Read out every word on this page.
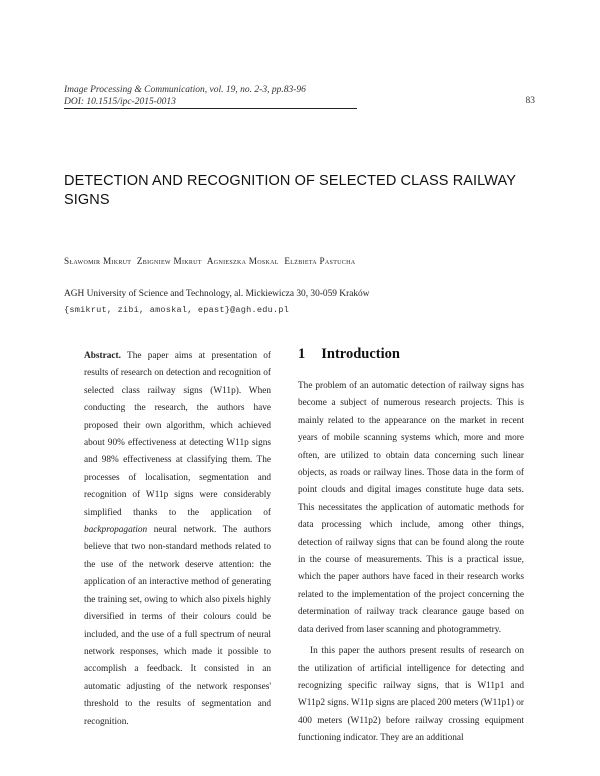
Image Processing & Communication, vol. 19, no. 2-3, pp.83-96
DOI: 10.1515/ipc-2015-0013	83
DETECTION AND RECOGNITION OF SELECTED CLASS RAILWAY SIGNS
Sławomir Mikrut Zbigniew Mikrut Agnieszka Moskal Elżbieta Pastucha
AGH University of Science and Technology, al. Mickiewicza 30, 30-059 Kraków
{smikrut, zibi, amoskal, epast}@agh.edu.pl
Abstract. The paper aims at presentation of results of research on detection and recognition of selected class railway signs (W11p). When conducting the research, the authors have proposed their own algorithm, which achieved about 90% effectiveness at detecting W11p signs and 98% effectiveness at classifying them. The processes of localisation, segmentation and recognition of W11p signs were considerably simplified thanks to the application of backpropagation neural network. The authors believe that two non-standard methods related to the use of the network deserve attention: the application of an interactive method of generating the training set, owing to which also pixels highly diversified in terms of their colours could be included, and the use of a full spectrum of neural network responses, which made it possible to accomplish a feedback. It consisted in an automatic adjusting of the network responses' threshold to the results of segmentation and recognition.
1 Introduction

The problem of an automatic detection of railway signs has become a subject of numerous research projects. This is mainly related to the appearance on the market in recent years of mobile scanning systems which, more and more often, are utilized to obtain data concerning such linear objects, as roads or railway lines. Those data in the form of point clouds and digital images constitute huge data sets. This necessitates the application of automatic methods for data processing which include, among other things, detection of railway signs that can be found along the route in the course of measurements. This is a practical issue, which the paper authors have faced in their research works related to the implementation of the project concerning the determination of railway track clearance gauge based on data derived from laser scanning and photogrammetry.

In this paper the authors present results of research on the utilization of artificial intelligence for detecting and recognizing specific railway signs, that is W11p1 and W11p2 signs. W11p signs are placed 200 meters (W11p1) or 400 meters (W11p2) before railway crossing equipment functioning indicator. They are an additional
